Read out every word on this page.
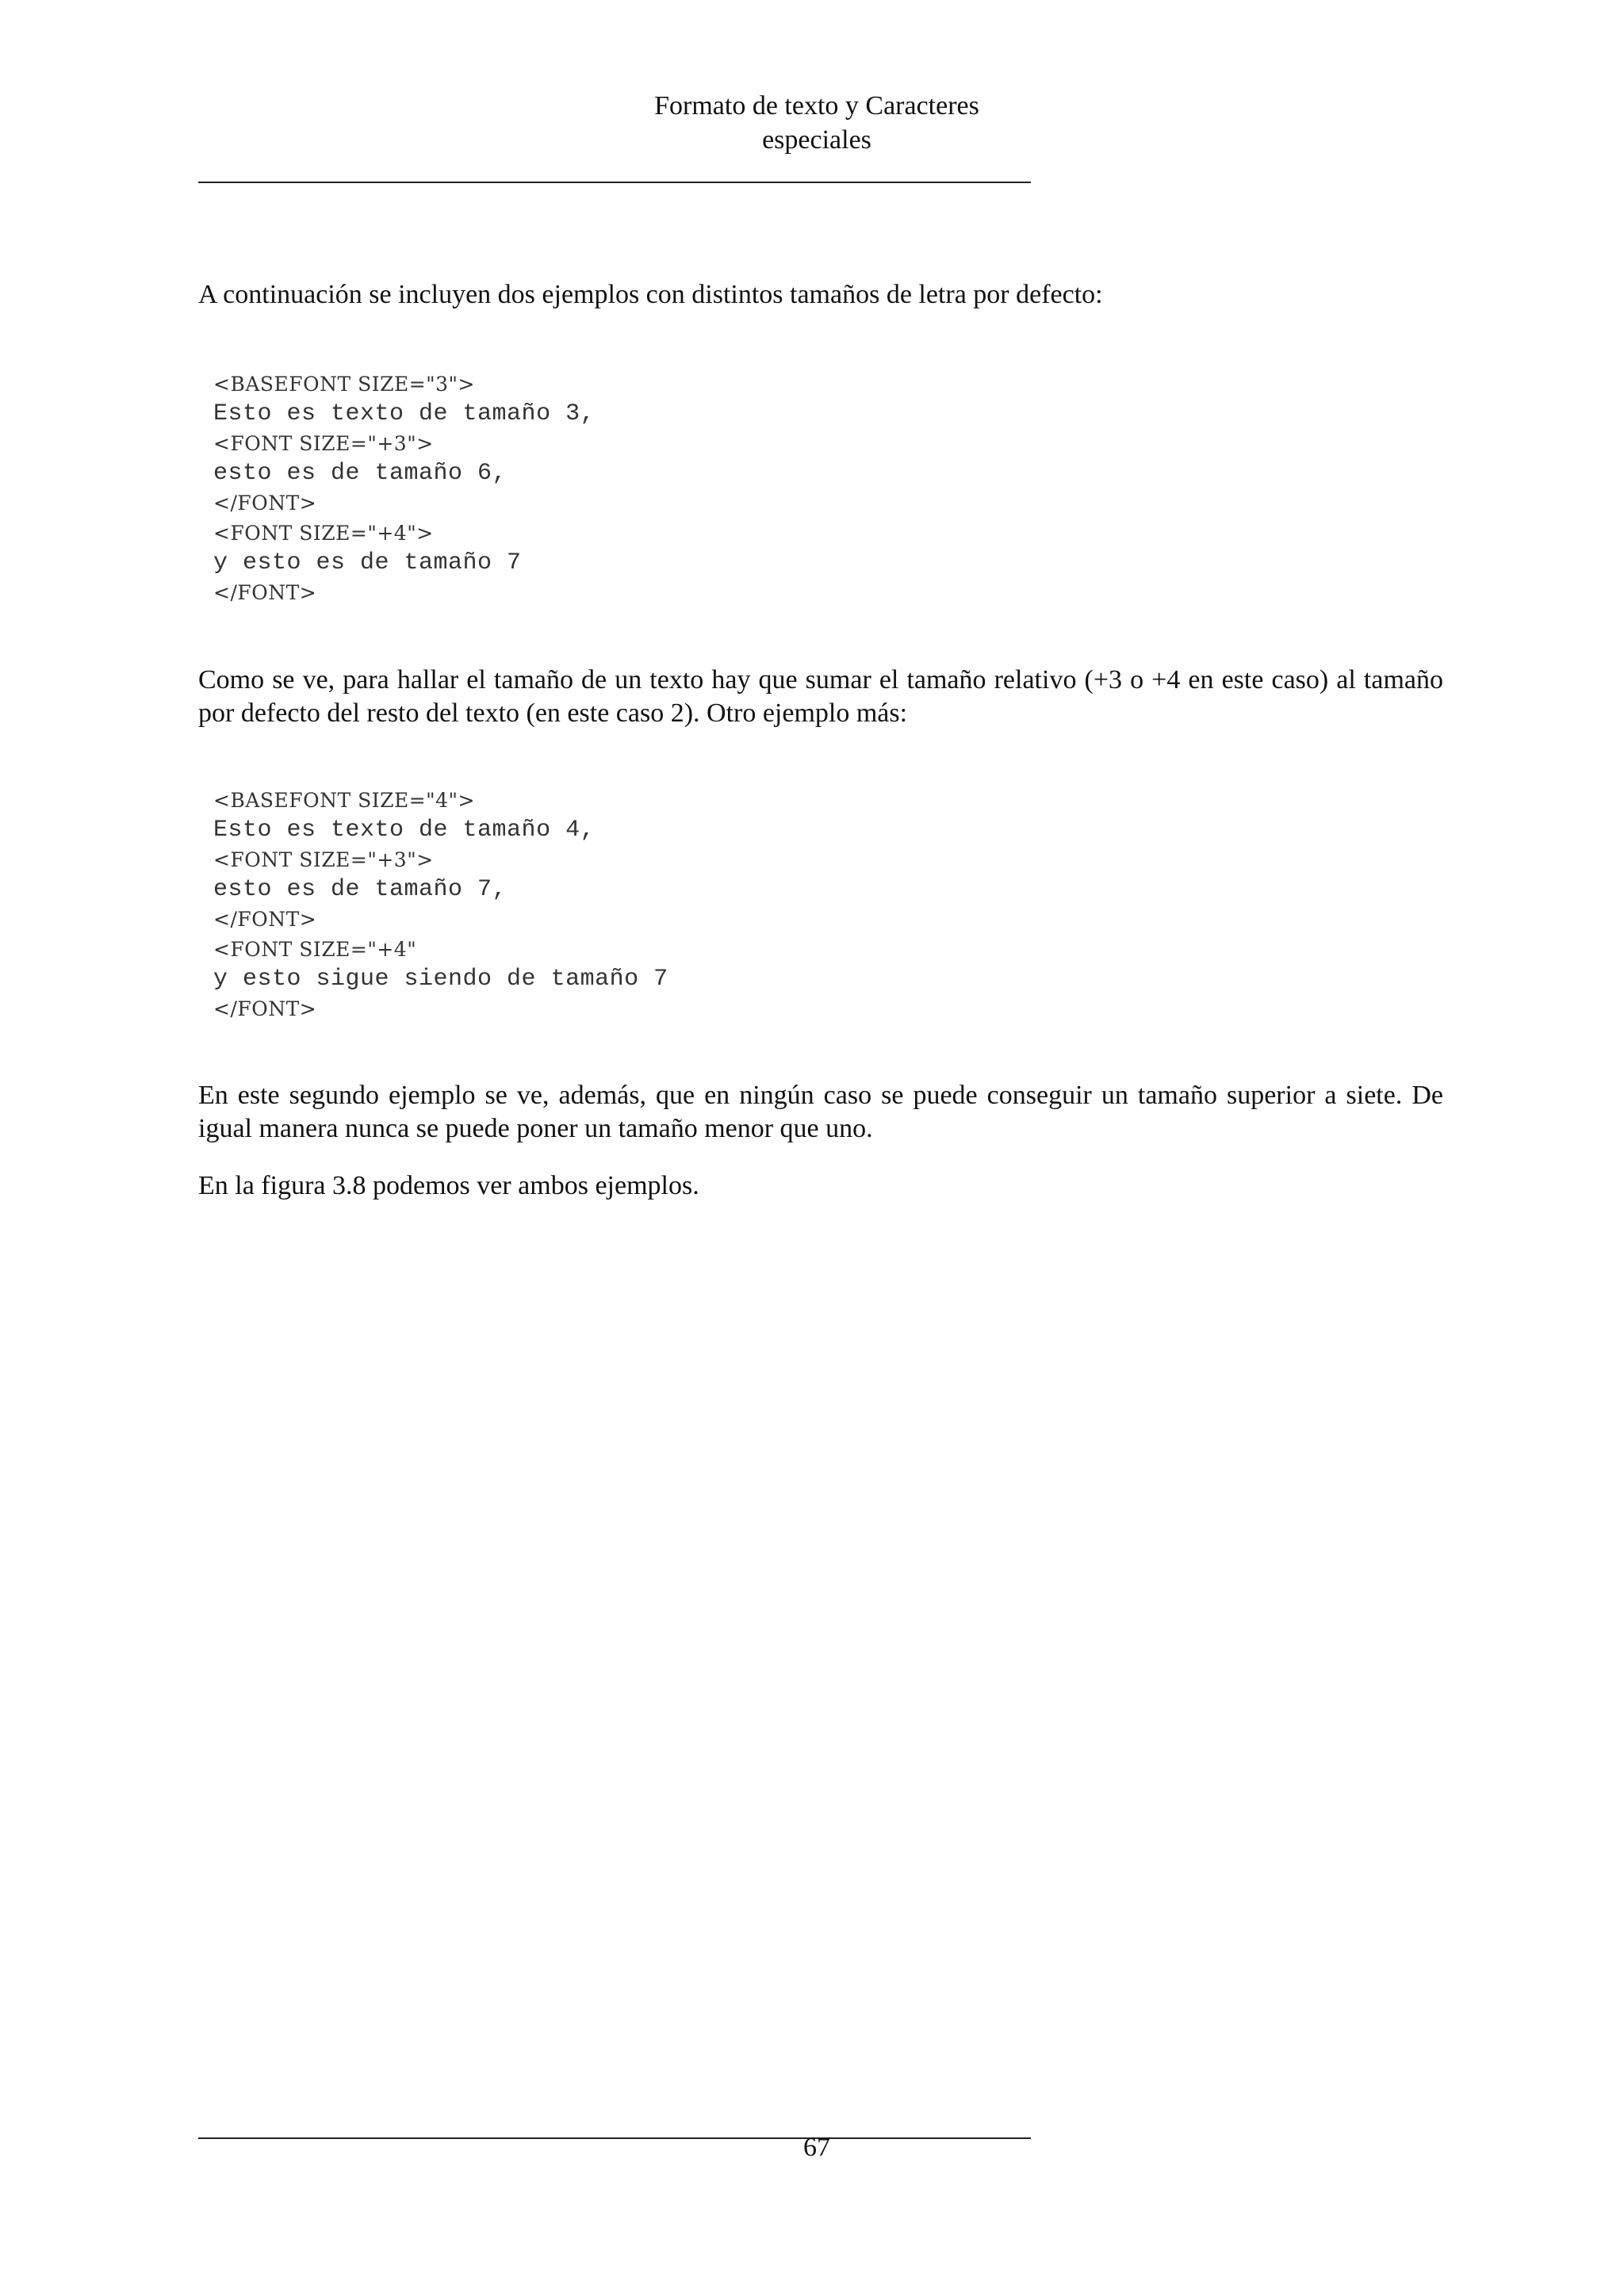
Formato de texto y Caracteres
especiales

A continuación se incluyen dos ejemplos con distintos tamaños de letra por defecto:

<BASEFONT SIZE="3">
Esto es texto de tamaño 3,
<FONT SIZE="+3">
esto es de tamaño 6,
</FONT>
<FONT SIZE="+4">
y esto es de tamaño 7
</FONT>

Como se ve, para hallar el tamaño de un texto hay que sumar el tamaño relativo (+3 o +4 en este caso) al tamaño por defecto del resto del texto (en este caso 2). Otro ejemplo más:

<BASEFONT SIZE="4">
Esto es texto de tamaño 4,
<FONT SIZE="+3">
esto es de tamaño 7,
</FONT>
<FONT SIZE="+4"
y esto sigue siendo de tamaño 7
</FONT>

En este segundo ejemplo se ve, además, que en ningún caso se puede conseguir un tamaño superior a siete. De igual manera nunca se puede poner un tamaño menor que uno.

En la figura 3.8 podemos ver ambos ejemplos.

67
